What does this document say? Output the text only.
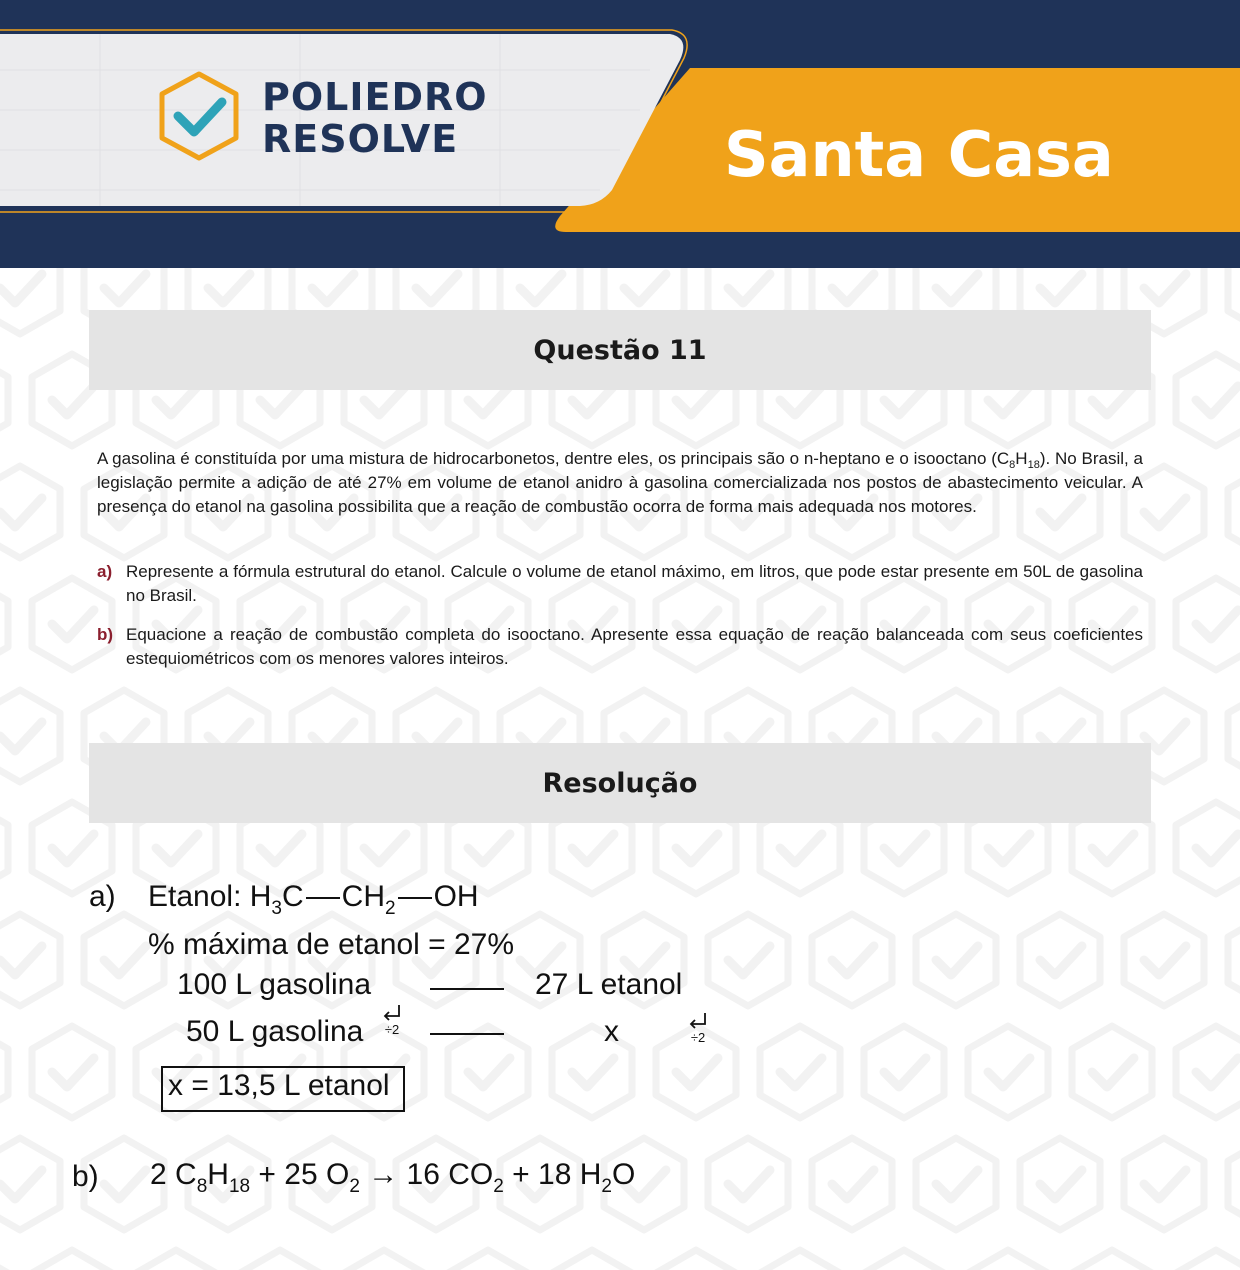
POLIEDRO
RESOLVE	Santa Casa
Questão 11

A gasolina é constituída por uma mistura de hidrocarbonetos, dentre eles, os principais são o n-heptano e o isooctano $(C_8H_{18})$. No Brasil, a legislação permite a adição de até 27% em volume de etanol anidro à gasolina comercializada nos postos de abastecimento veicular. A presença do etanol na gasolina possibilita que a reação de combustão ocorra de forma mais adequada nos motores.

a) Represente a fórmula estrutural do etanol. Calcule o volume de etanol máximo, em litros, que pode estar presente em 50L de gasolina no Brasil.
b) Equacione a reação de combustão completa do isooctano. Apresente essa equação de reação balanceada com seus coeficientes estequiométricos com os menores valores inteiros.
Resolução
a) Etanol: $H_3C$ $CH_2$ OH
% máxima de etanol = 27%
100 L gasolina	27 L etanol
50 L gasolina	÷2	x	÷2
x = 13,5 L etanol
b) 2 $C_8H_{18} + 25$ $O_2 \to 16$ $CO_2 + 18$ $H_2O$
